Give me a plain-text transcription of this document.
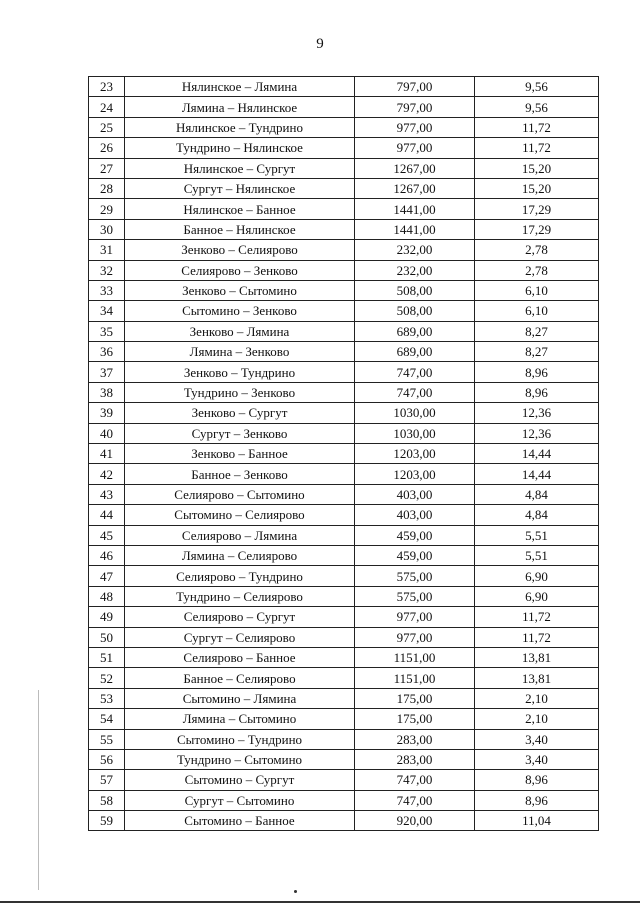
9
23	Нялинское – Лямина	797,00	9,56
24	Лямина – Нялинское	797,00	9,56
25	Нялинское – Тундрино	977,00	11,72
26	Тундрино – Нялинское	977,00	11,72
27	Нялинское – Сургут	1267,00	15,20
28	Сургут – Нялинское	1267,00	15,20
29	Нялинское – Банное	1441,00	17,29
30	Банное – Нялинское	1441,00	17,29
31	Зенково – Селиярово	232,00	2,78
32	Селиярово – Зенково	232,00	2,78
33	Зенково – Сытомино	508,00	6,10
34	Сытомино – Зенково	508,00	6,10
35	Зенково – Лямина	689,00	8,27
36	Лямина – Зенково	689,00	8,27
37	Зенково – Тундрино	747,00	8,96
38	Тундрино – Зенково	747,00	8,96
39	Зенково – Сургут	1030,00	12,36
40	Сургут – Зенково	1030,00	12,36
41	Зенково – Банное	1203,00	14,44
42	Банное – Зенково	1203,00	14,44
43	Селиярово – Сытомино	403,00	4,84
44	Сытомино – Селиярово	403,00	4,84
45	Селиярово – Лямина	459,00	5,51
46	Лямина – Селиярово	459,00	5,51
47	Селиярово – Тундрино	575,00	6,90
48	Тундрино – Селиярово	575,00	6,90
49	Селиярово – Сургут	977,00	11,72
50	Сургут – Селиярово	977,00	11,72
51	Селиярово – Банное	1151,00	13,81
52	Банное – Селиярово	1151,00	13,81
53	Сытомино – Лямина	175,00	2,10
54	Лямина – Сытомино	175,00	2,10
55	Сытомино – Тундрино	283,00	3,40
56	Тундрино – Сытомино	283,00	3,40
57	Сытомино – Сургут	747,00	8,96
58	Сургут – Сытомино	747,00	8,96
59	Сытомино – Банное	920,00	11,04
